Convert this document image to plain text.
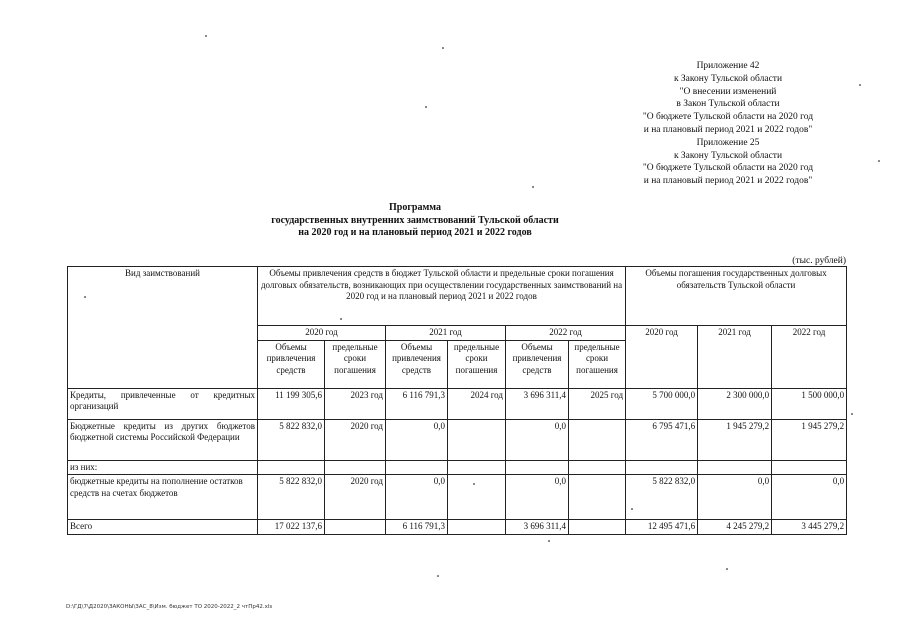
Приложение 42
к Закону Тульской области
"О внесении изменений
в Закон Тульской области
"О бюджете Тульской области на 2020 год
и на плановый период 2021 и 2022 годов"
Приложение 25
к Закону Тульской области
"О бюджете Тульской области на 2020 год
и на плановый период 2021 и 2022 годов"
Программа
государственных внутренних заимствований Тульской области
на 2020 год и на плановый период 2021 и 2022 годов
(тыс. рублей)
Вид заимствований	Объемы привлечения средств в бюджет Тульской области и предельные сроки погашения долговых обязательств, возникающих при осуществлении государственных заимствований на 2020 год и на плановый период 2021 и 2022 годов						Объемы погашения государственных долговых обязательств Тульской области		
	2020 год		2021 год		2022 год		2020 год	2021 год	2022 год
	Объемы привлечения средств	предельные сроки погашения	Объемы привлечения средств	предельные сроки погашения	Объемы привлечения средств	предельные сроки погашения			
Кредиты, привлеченные от кредитных организаций	11 199 305,6	2023 год	6 116 791,3	2024 год	3 696 311,4	2025 год	5 700 000,0	2 300 000,0	1 500 000,0
Бюджетные кредиты из других бюджетов бюджетной системы Российской Федерации	5 822 832,0	2020 год	0,0		0,0		6 795 471,6	1 945 279,2	1 945 279,2
из них:									
бюджетные кредиты на пополнение остатков средств на счетах бюджетов	5 822 832,0	2020 год	0,0		0,0		5 822 832,0	0,0	0,0
Всего	17 022 137,6		6 116 791,3		3 696 311,4		12 495 471,6	4 245 279,2	3 445 279,2
D:\ГД\7\Д2020\ЗАКОНЫ\ЗАС_8\Изм. бюджет ТО 2020-2022_2 чтПр42.xls
